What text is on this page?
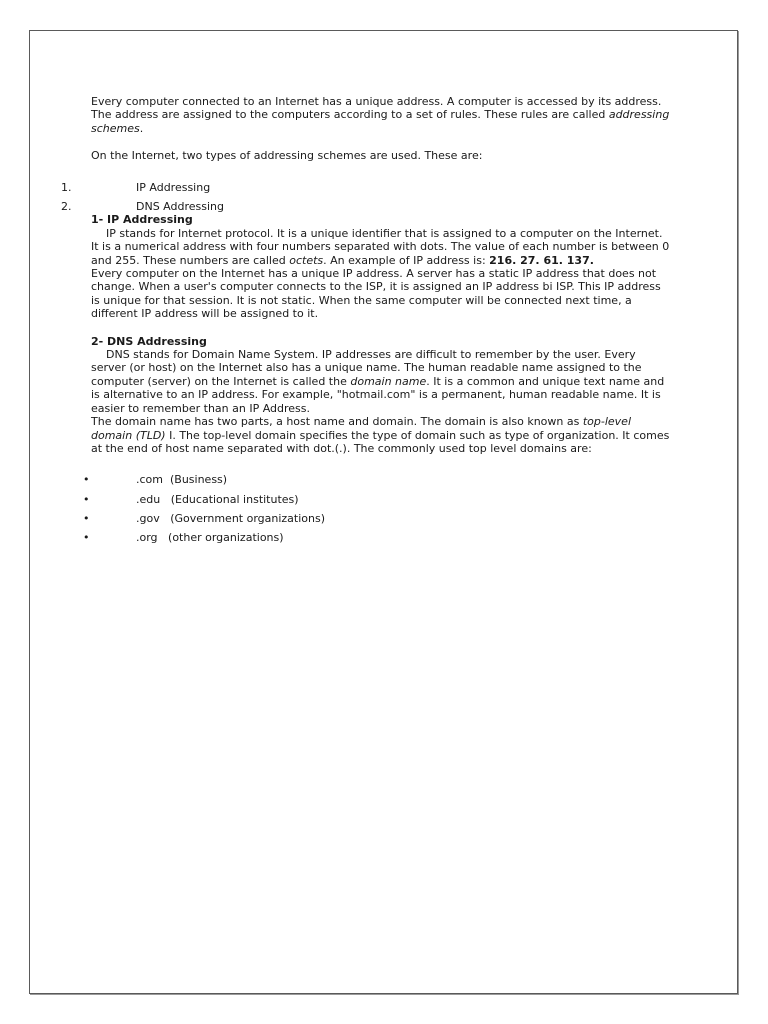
Every computer connected to an Internet has a unique address. A computer is accessed by its address. The address are assigned to the computers according to a set of rules. These rules are called addressing schemes.

On the Internet, two types of addressing schemes are used. These are:

1.	IP Addressing
2.	DNS Addressing

1- IP Addressing

IP stands for Internet protocol. It is a unique identifier that is assigned to a computer on the Internet. It is a numerical address with four numbers separated with dots. The value of each number is between 0 and 255. These numbers are called octets. An example of IP address is: 216. 27. 61. 137.

Every computer on the Internet has a unique IP address. A server has a static IP address that does not change. When a user's computer connects to the ISP, it is assigned an IP address bi ISP. This IP address is unique for that session. It is not static. When the same computer will be connected next time, a different IP address will be assigned to it.

2- DNS Addressing

DNS stands for Domain Name System. IP addresses are difficult to remember by the user. Every server (or host) on the Internet also has a unique name. The human readable name assigned to the computer (server) on the Internet is called the domain name. It is a common and unique text name and is alternative to an IP address. For example, "hotmail.com" is a permanent, human readable name. It is easier to remember than an IP Address.

The domain name has two parts, a host name and domain. The domain is also known as top-level domain (TLD) I. The top-level domain specifies the type of domain such as type of organization. It comes at the end of host name separated with dot.(.). The commonly used top level domains are:

•	.com  (Business)
•	.edu   (Educational institutes)
•	.gov   (Government organizations)
•	.org   (other organizations)
